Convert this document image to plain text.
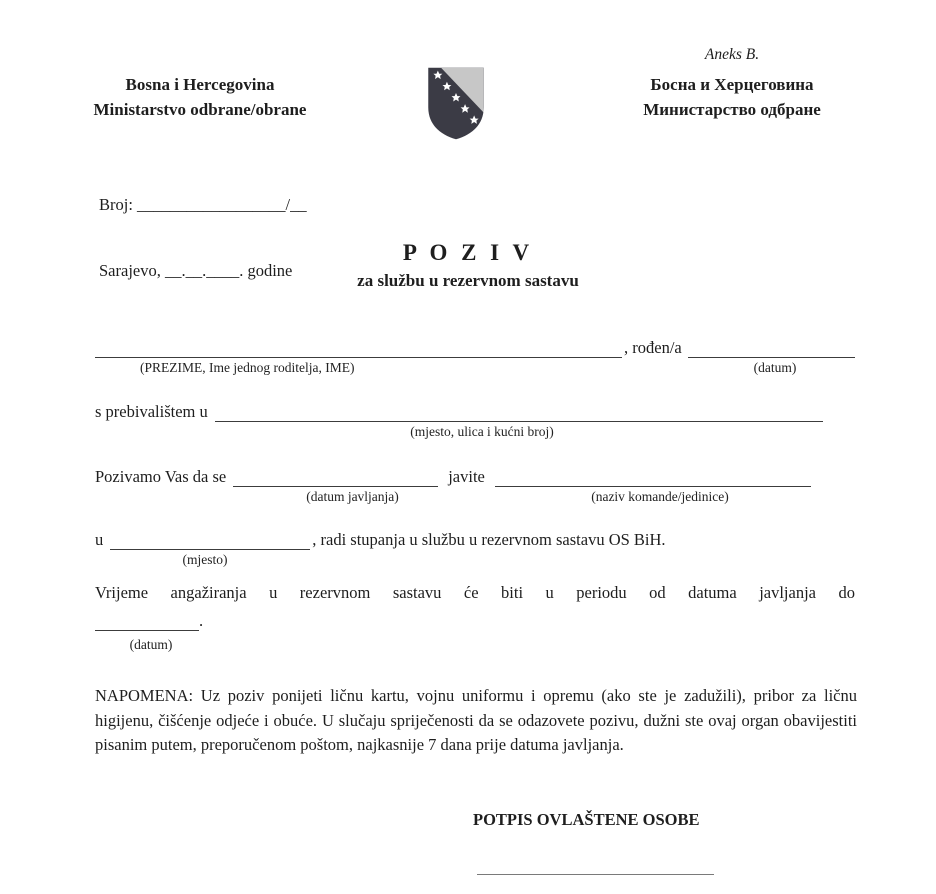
Aneks B.
Босна и Херцеговина
Министарство одбране
Bosna i Hercegovina
Ministarstvo odbrane/obrane

Broj: __________________/__

Sarajevo, __.__.____. godine

P O Z I V
za službu u rezervnom sastavu
, rođen/a
(PREZIME, Ime jednog roditelja, IME)	(datum)
s prebivalištem u
(mjesto, ulica i kućni broj)
Pozivamo Vas da se	javite
(datum javljanja)	(naziv komande/jedinice)
u	, radi stupanja u službu u rezervnom sastavu OS BiH.
(mjesto)
Vrijeme angažiranja u rezervnom sastavu će biti u periodu od datuma javljanja do
.
(datum)
NAPOMENA: Uz poziv ponijeti ličnu kartu, vojnu uniformu i opremu (ako ste je zadužili), pribor za ličnu higijenu, čišćenje odjeće i obuće. U slučaju spriječenosti da se odazovete pozivu, dužni ste ovaj organ obavijestiti pisanim putem, preporučenom poštom, najkasnije 7 dana prije datuma javljanja.
POTPIS OVLAŠTENE OSOBE
